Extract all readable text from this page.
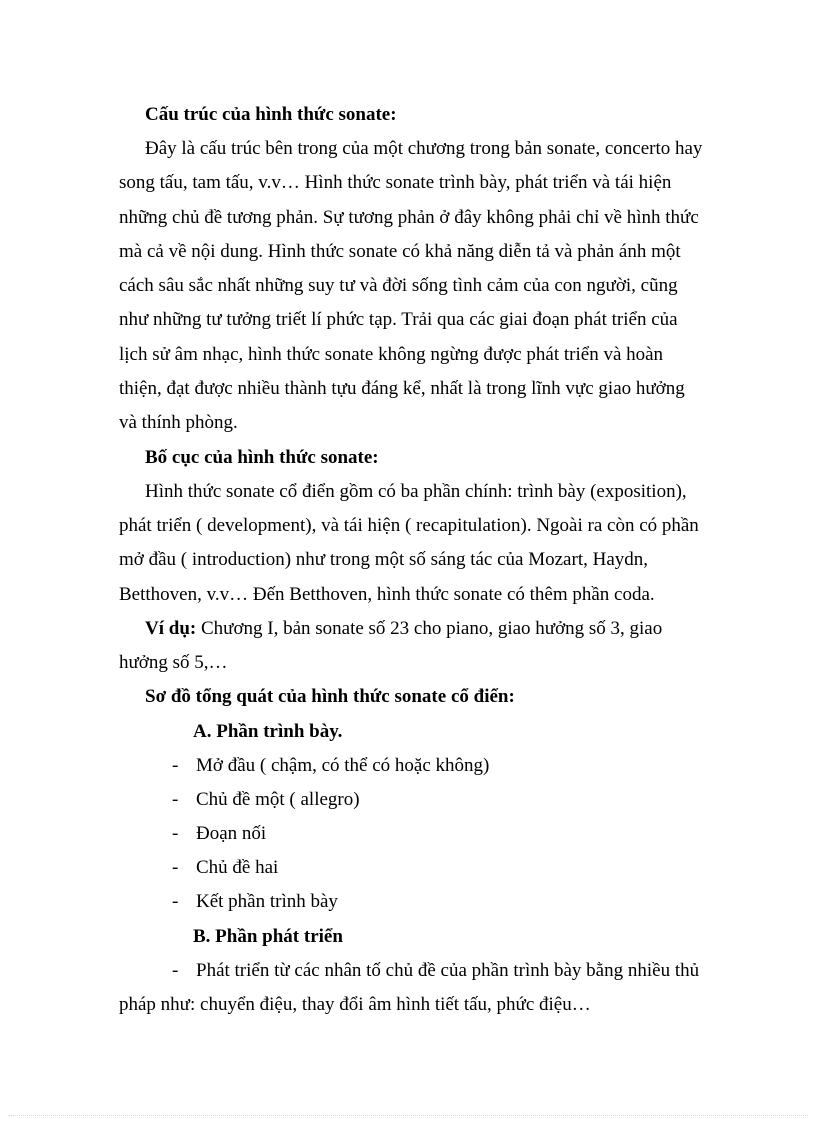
Cấu trúc của hình thức sonate:
Đây là cấu trúc bên trong của một chương trong bản sonate, concerto hay
song tấu, tam tấu, v.v… Hình thức sonate trình bày, phát triển và tái hiện
những chủ đề tương phản. Sự tương phản ở đây không phải chỉ về hình thức
mà cả về nội dung. Hình thức sonate có khả năng diễn tả và phản ánh một
cách sâu sắc nhất những suy tư và đời sống tình cảm của con người, cũng
như những tư tưởng triết lí phức tạp. Trải qua các giai đoạn phát triển của
lịch sử âm nhạc, hình thức sonate không ngừng được phát triển và hoàn
thiện, đạt được nhiều thành tựu đáng kể, nhất là trong lĩnh vực giao hưởng
và thính phòng.
Bố cục của hình thức sonate:
Hình thức sonate cổ điển gồm có ba phần chính: trình bày (exposition),
phát triển ( development), và tái hiện ( recapitulation). Ngoài ra còn có phần
mở đầu ( introduction) như trong một số sáng tác của Mozart, Haydn,
Betthoven, v.v… Đến Betthoven, hình thức sonate có thêm phần coda.
Ví dụ: Chương I, bản sonate số 23 cho piano, giao hưởng số 3, giao
hưởng số 5,…
Sơ đồ tổng quát của hình thức sonate cổ điển:
A. Phần trình bày.
- Mở đầu ( chậm, có thể có hoặc không)
- Chủ đề một ( allegro)
- Đoạn nối
- Chủ đề hai
- Kết phần trình bày
B. Phần phát triển
- Phát triển từ các nhân tố chủ đề của phần trình bày bằng nhiều thủ
pháp như: chuyển điệu, thay đổi âm hình tiết tấu, phức điệu…
